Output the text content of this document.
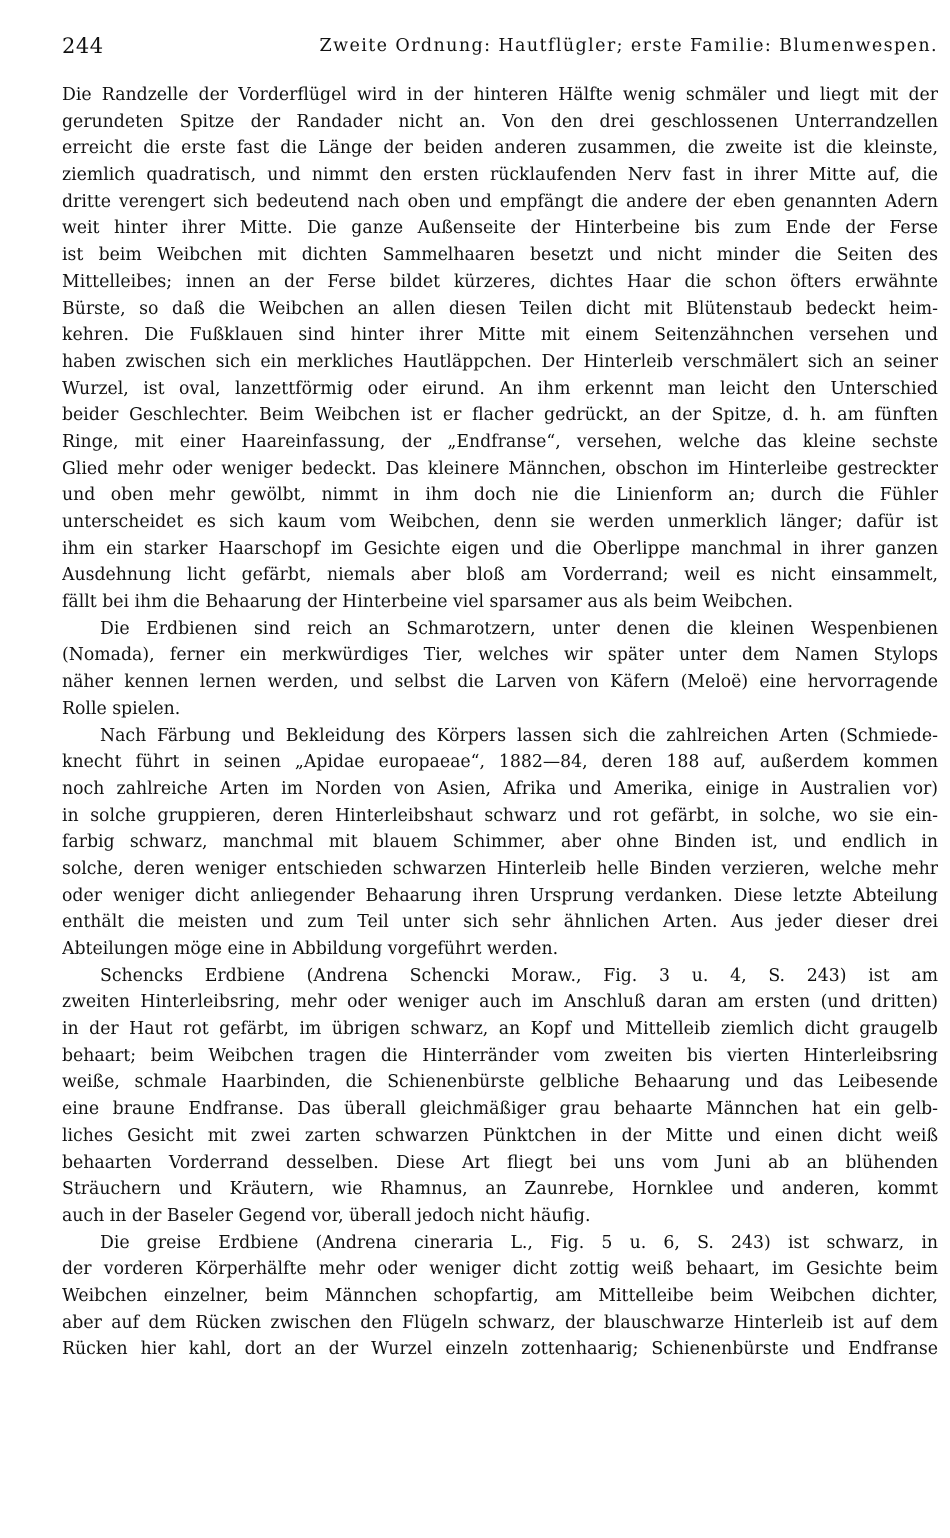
244	Zweite Ordnung: Hautflügler; erste Familie: Blumenwespen.
Die Randzelle der Vorderflügel wird in der hinteren Hälfte wenig schmäler und liegt mit der
gerundeten Spitze der Randader nicht an. Von den drei geschlossenen Unterrandzellen
erreicht die erste fast die Länge der beiden anderen zusammen, die zweite ist die kleinste,
ziemlich quadratisch, und nimmt den ersten rücklaufenden Nerv fast in ihrer Mitte auf, die
dritte verengert sich bedeutend nach oben und empfängt die andere der eben genannten Adern
weit hinter ihrer Mitte. Die ganze Außenseite der Hinterbeine bis zum Ende der Ferse
ist beim Weibchen mit dichten Sammelhaaren besetzt und nicht minder die Seiten des
Mittelleibes; innen an der Ferse bildet kürzeres, dichtes Haar die schon öfters erwähnte
Bürste, so daß die Weibchen an allen diesen Teilen dicht mit Blütenstaub bedeckt heim-
kehren. Die Fußklauen sind hinter ihrer Mitte mit einem Seitenzähnchen versehen und
haben zwischen sich ein merkliches Hautläppchen. Der Hinterleib verschmälert sich an seiner
Wurzel, ist oval, lanzettförmig oder eirund. An ihm erkennt man leicht den Unterschied
beider Geschlechter. Beim Weibchen ist er flacher gedrückt, an der Spitze, d. h. am fünften
Ringe, mit einer Haareinfassung, der „Endfranse“, versehen, welche das kleine sechste
Glied mehr oder weniger bedeckt. Das kleinere Männchen, obschon im Hinterleibe gestreckter
und oben mehr gewölbt, nimmt in ihm doch nie die Linienform an; durch die Fühler
unterscheidet es sich kaum vom Weibchen, denn sie werden unmerklich länger; dafür ist
ihm ein starker Haarschopf im Gesichte eigen und die Oberlippe manchmal in ihrer ganzen
Ausdehnung licht gefärbt, niemals aber bloß am Vorderrand; weil es nicht einsammelt,
fällt bei ihm die Behaarung der Hinterbeine viel sparsamer aus als beim Weibchen.
Die Erdbienen sind reich an Schmarotzern, unter denen die kleinen Wespenbienen
(Nomada), ferner ein merkwürdiges Tier, welches wir später unter dem Namen Stylops
näher kennen lernen werden, und selbst die Larven von Käfern (Meloë) eine hervorragende
Rolle spielen.
Nach Färbung und Bekleidung des Körpers lassen sich die zahlreichen Arten (Schmiede-
knecht führt in seinen „Apidae europaeae“, 1882—84, deren 188 auf, außerdem kommen
noch zahlreiche Arten im Norden von Asien, Afrika und Amerika, einige in Australien vor)
in solche gruppieren, deren Hinterleibshaut schwarz und rot gefärbt, in solche, wo sie ein-
farbig schwarz, manchmal mit blauem Schimmer, aber ohne Binden ist, und endlich in
solche, deren weniger entschieden schwarzen Hinterleib helle Binden verzieren, welche mehr
oder weniger dicht anliegender Behaarung ihren Ursprung verdanken. Diese letzte Abteilung
enthält die meisten und zum Teil unter sich sehr ähnlichen Arten. Aus jeder dieser drei
Abteilungen möge eine in Abbildung vorgeführt werden.
Schencks Erdbiene (Andrena Schencki Moraw., Fig. 3 u. 4, S. 243) ist am
zweiten Hinterleibsring, mehr oder weniger auch im Anschluß daran am ersten (und dritten)
in der Haut rot gefärbt, im übrigen schwarz, an Kopf und Mittelleib ziemlich dicht graugelb
behaart; beim Weibchen tragen die Hinterränder vom zweiten bis vierten Hinterleibsring
weiße, schmale Haarbinden, die Schienenbürste gelbliche Behaarung und das Leibesende
eine braune Endfranse. Das überall gleichmäßiger grau behaarte Männchen hat ein gelb-
liches Gesicht mit zwei zarten schwarzen Pünktchen in der Mitte und einen dicht weiß
behaarten Vorderrand desselben. Diese Art fliegt bei uns vom Juni ab an blühenden
Sträuchern und Kräutern, wie Rhamnus, an Zaunrebe, Hornklee und anderen, kommt
auch in der Baseler Gegend vor, überall jedoch nicht häufig.
Die greise Erdbiene (Andrena cineraria L., Fig. 5 u. 6, S. 243) ist schwarz, in
der vorderen Körperhälfte mehr oder weniger dicht zottig weiß behaart, im Gesichte beim
Weibchen einzelner, beim Männchen schopfartig, am Mittelleibe beim Weibchen dichter,
aber auf dem Rücken zwischen den Flügeln schwarz, der blauschwarze Hinterleib ist auf dem
Rücken hier kahl, dort an der Wurzel einzeln zottenhaarig; Schienenbürste und Endfranse
